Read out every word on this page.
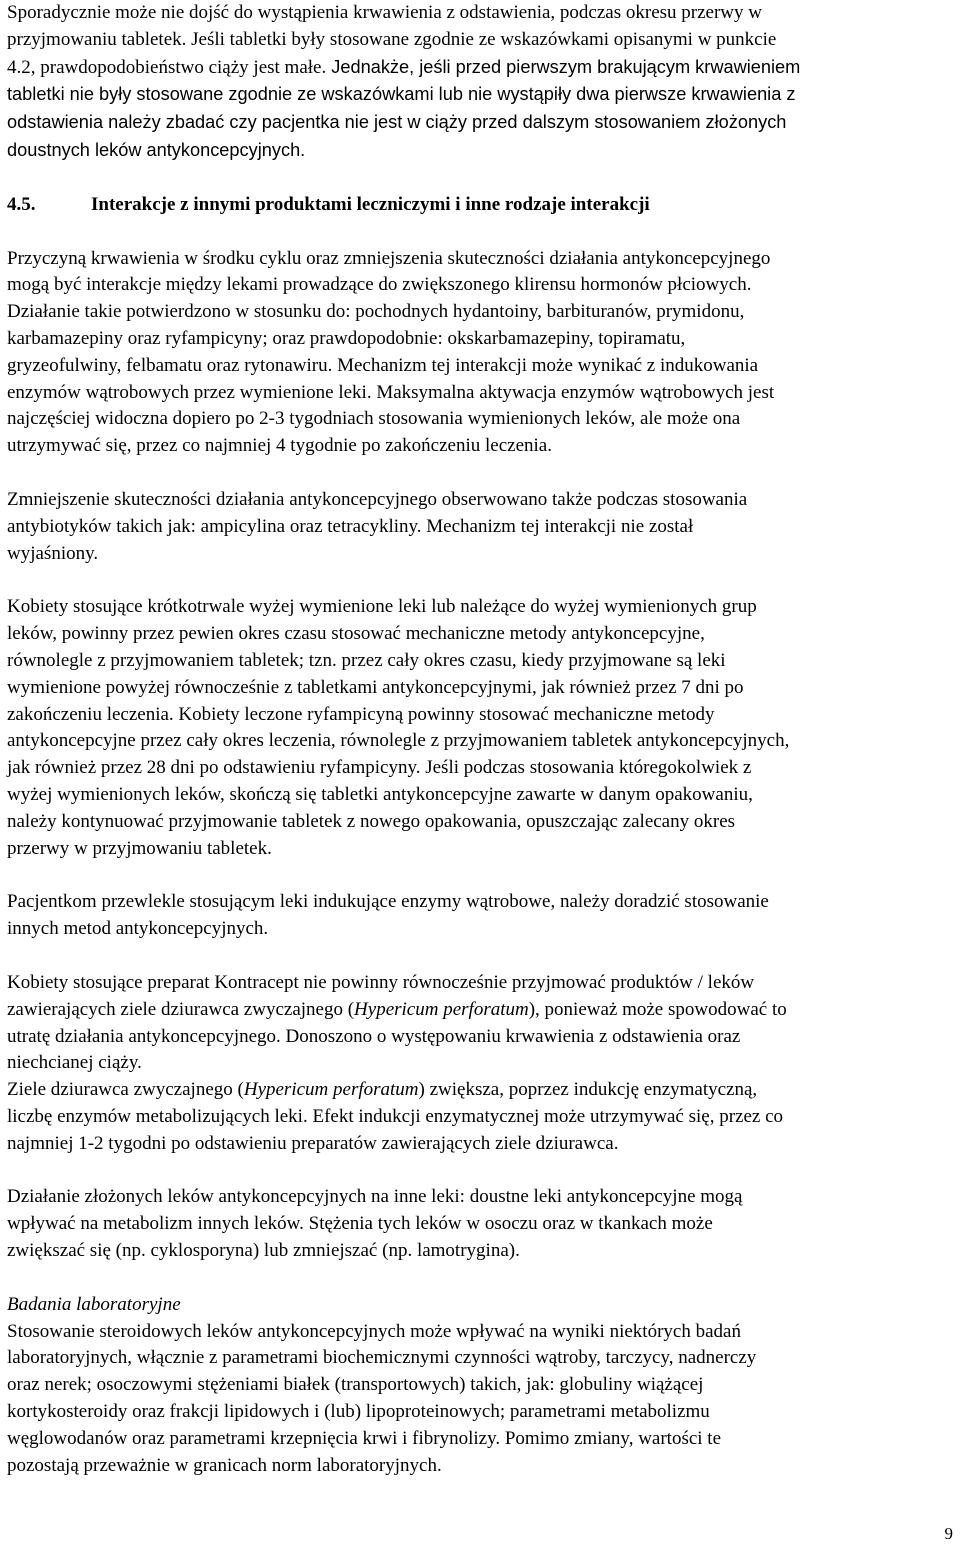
Sporadycznie może nie dojść do wystąpienia krwawienia z odstawienia, podczas okresu przerwy w
przyjmowaniu tabletek. Jeśli tabletki były stosowane zgodnie ze wskazówkami opisanymi w punkcie
4.2, prawdopodobieństwo ciąży jest małe. Jednakże, jeśli przed pierwszym brakującym krwawieniem
tabletki nie były stosowane zgodnie ze wskazówkami lub nie wystąpiły dwa pierwsze krwawienia z
odstawienia należy zbadać czy pacjentka nie jest w ciąży przed dalszym stosowaniem złożonych
doustnych leków antykoncepcyjnych.

4.5.	Interakcje z innymi produktami leczniczymi i inne rodzaje interakcji

Przyczyną krwawienia w środku cyklu oraz zmniejszenia skuteczności działania antykoncepcyjnego
mogą być interakcje między lekami prowadzące do zwiększonego klirensu hormonów płciowych.
Działanie takie potwierdzono w stosunku do: pochodnych hydantoiny, barbituranów, prymidonu,
karbamazepiny oraz ryfampicyny; oraz prawdopodobnie: okskarbamazepiny, topiramatu,
gryzeofulwiny, felbamatu oraz rytonawiru. Mechanizm tej interakcji może wynikać z indukowania
enzymów wątrobowych przez wymienione leki. Maksymalna aktywacja enzymów wątrobowych jest
najczęściej widoczna dopiero po 2-3 tygodniach stosowania wymienionych leków, ale może ona
utrzymywać się, przez co najmniej 4 tygodnie po zakończeniu leczenia.

Zmniejszenie skuteczności działania antykoncepcyjnego obserwowano także podczas stosowania
antybiotyków takich jak: ampicylina oraz tetracykliny. Mechanizm tej interakcji nie został
wyjaśniony.

Kobiety stosujące krótkotrwale wyżej wymienione leki lub należące do wyżej wymienionych grup
leków, powinny przez pewien okres czasu stosować mechaniczne metody antykoncepcyjne,
równolegle z przyjmowaniem tabletek; tzn. przez cały okres czasu, kiedy przyjmowane są leki
wymienione powyżej równocześnie z tabletkami antykoncepcyjnymi, jak również przez 7 dni po
zakończeniu leczenia. Kobiety leczone ryfampicyną powinny stosować mechaniczne metody
antykoncepcyjne przez cały okres leczenia, równolegle z przyjmowaniem tabletek antykoncepcyjnych,
jak również przez 28 dni po odstawieniu ryfampicyny. Jeśli podczas stosowania któregokolwiek z
wyżej wymienionych leków, skończą się tabletki antykoncepcyjne zawarte w danym opakowaniu,
należy kontynuować przyjmowanie tabletek z nowego opakowania, opuszczając zalecany okres
przerwy w przyjmowaniu tabletek.

Pacjentkom przewlekle stosującym leki indukujące enzymy wątrobowe, należy doradzić stosowanie
innych metod antykoncepcyjnych.

Kobiety stosujące preparat Kontracept nie powinny równocześnie przyjmować produktów / leków
zawierających ziele dziurawca zwyczajnego (Hypericum perforatum), ponieważ może spowodować to
utratę działania antykoncepcyjnego. Donoszono o występowaniu krwawienia z odstawienia oraz
niechcianej ciąży.
Ziele dziurawca zwyczajnego (Hypericum perforatum) zwiększa, poprzez indukcję enzymatyczną,
liczbę enzymów metabolizujących leki. Efekt indukcji enzymatycznej może utrzymywać się, przez co
najmniej 1-2 tygodni po odstawieniu preparatów zawierających ziele dziurawca.

Działanie złożonych leków antykoncepcyjnych na inne leki: doustne leki antykoncepcyjne mogą
wpływać na metabolizm innych leków. Stężenia tych leków w osoczu oraz w tkankach może
zwiększać się (np. cyklosporyna) lub zmniejszać (np. lamotrygina).

Badania laboratoryjne

Stosowanie steroidowych leków antykoncepcyjnych może wpływać na wyniki niektórych badań
laboratoryjnych, włącznie z parametrami biochemicznymi czynności wątroby, tarczycy, nadnerczy
oraz nerek; osoczowymi stężeniami białek (transportowych) takich, jak: globuliny wiążącej
kortykosteroidy oraz frakcji lipidowych i (lub) lipoproteinowych; parametrami metabolizmu
węglowodanów oraz parametrami krzepnięcia krwi i fibrynolizy. Pomimo zmiany, wartości te
pozostają przeważnie w granicach norm laboratoryjnych.

9
